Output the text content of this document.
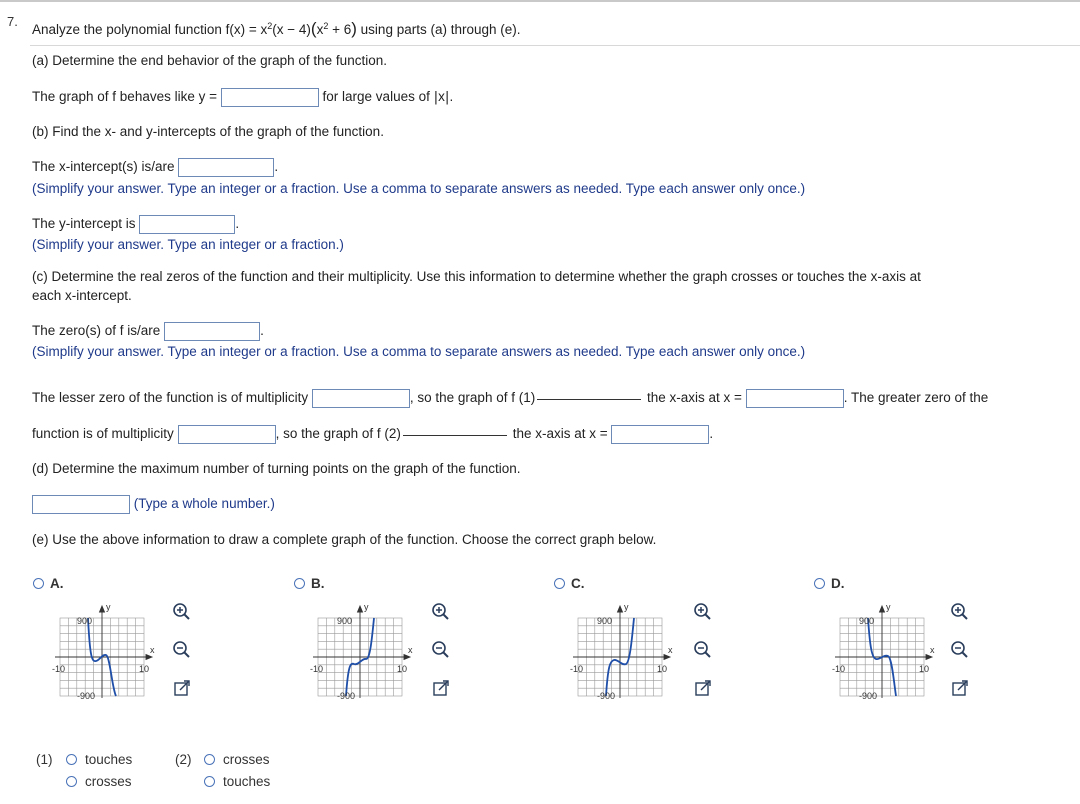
7.
Analyze the polynomial function $f(x) = x^2(x - 4)(x^2 + 6)$ using parts (a) through (e).
(a) Determine the end behavior of the graph of the function.
The graph of f behaves like y =	for large values of |x|.
(b) Find the x- and y-intercepts of the graph of the function.
The x-intercept(s) is/are	.
(Simplify your answer. Type an integer or a fraction. Use a comma to separate answers as needed. Type each answer only once.)
The y-intercept is	.
(Simplify your answer. Type an integer or a fraction.)
(c) Determine the real zeros of the function and their multiplicity. Use this information to determine whether the graph crosses or touches the x-axis at
each x-intercept.
The zero(s) of f is/are	.
(Simplify your answer. Type an integer or a fraction. Use a comma to separate answers as needed. Type each answer only once.)
The lesser zero of the function is of multiplicity	, so the graph of f (1)	the x-axis at x =	. The greater zero of the
function is of multiplicity	, so the graph of f (2)	the x-axis at x =	.
(d) Determine the maximum number of turning points on the graph of the function.
(Type a whole number.)
(e) Use the above information to draw a complete graph of the function. Choose the correct graph below.
A.	B.	C.	D.
y
900
-900
-10	10
x
y
900
-900
-10	10
x
y
900
-900
-10	10
x
y
900
-900
-10	10
x
(1) touches
crosses
(2) crosses
touches
